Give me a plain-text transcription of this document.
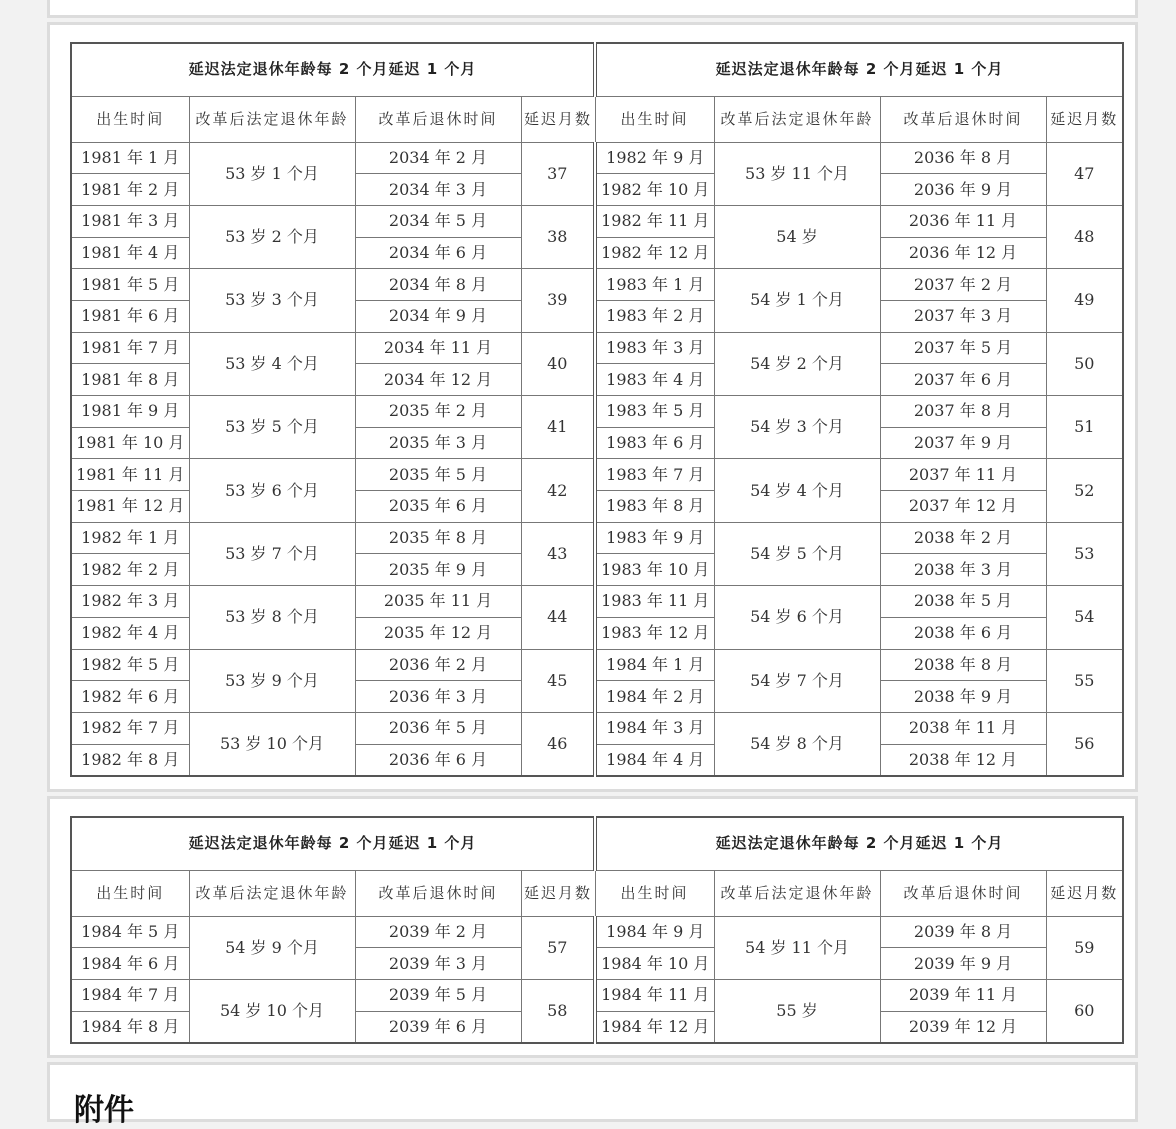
延迟法定退休年龄每 2 个月延迟 1 个月				延迟法定退休年龄每 2 个月延迟 1 个月			
出生时间	改革后法定退休年龄	改革后退休时间	延迟月数	出生时间	改革后法定退休年龄	改革后退休时间	延迟月数
1981 年 1 月	53 岁 1 个月	2034 年 2 月	37	1982 年 9 月	53 岁 11 个月	2036 年 8 月	47
1981 年 2 月		2034 年 3 月		1982 年 10 月		2036 年 9 月	
1981 年 3 月	53 岁 2 个月	2034 年 5 月	38	1982 年 11 月	54 岁	2036 年 11 月	48
1981 年 4 月		2034 年 6 月		1982 年 12 月		2036 年 12 月	
1981 年 5 月	53 岁 3 个月	2034 年 8 月	39	1983 年 1 月	54 岁 1 个月	2037 年 2 月	49
1981 年 6 月		2034 年 9 月		1983 年 2 月		2037 年 3 月	
1981 年 7 月	53 岁 4 个月	2034 年 11 月	40	1983 年 3 月	54 岁 2 个月	2037 年 5 月	50
1981 年 8 月		2034 年 12 月		1983 年 4 月		2037 年 6 月	
1981 年 9 月	53 岁 5 个月	2035 年 2 月	41	1983 年 5 月	54 岁 3 个月	2037 年 8 月	51
1981 年 10 月		2035 年 3 月		1983 年 6 月		2037 年 9 月	
1981 年 11 月	53 岁 6 个月	2035 年 5 月	42	1983 年 7 月	54 岁 4 个月	2037 年 11 月	52
1981 年 12 月		2035 年 6 月		1983 年 8 月		2037 年 12 月	
1982 年 1 月	53 岁 7 个月	2035 年 8 月	43	1983 年 9 月	54 岁 5 个月	2038 年 2 月	53
1982 年 2 月		2035 年 9 月		1983 年 10 月		2038 年 3 月	
1982 年 3 月	53 岁 8 个月	2035 年 11 月	44	1983 年 11 月	54 岁 6 个月	2038 年 5 月	54
1982 年 4 月		2035 年 12 月		1983 年 12 月		2038 年 6 月	
1982 年 5 月	53 岁 9 个月	2036 年 2 月	45	1984 年 1 月	54 岁 7 个月	2038 年 8 月	55
1982 年 6 月		2036 年 3 月		1984 年 2 月		2038 年 9 月	
1982 年 7 月	53 岁 10 个月	2036 年 5 月	46	1984 年 3 月	54 岁 8 个月	2038 年 11 月	56
1982 年 8 月		2036 年 6 月		1984 年 4 月		2038 年 12 月	
延迟法定退休年龄每 2 个月延迟 1 个月				延迟法定退休年龄每 2 个月延迟 1 个月			
出生时间	改革后法定退休年龄	改革后退休时间	延迟月数	出生时间	改革后法定退休年龄	改革后退休时间	延迟月数
1984 年 5 月	54 岁 9 个月	2039 年 2 月	57	1984 年 9 月	54 岁 11 个月	2039 年 8 月	59
1984 年 6 月		2039 年 3 月		1984 年 10 月		2039 年 9 月	
1984 年 7 月	54 岁 10 个月	2039 年 5 月	58	1984 年 11 月	55 岁	2039 年 11 月	60
1984 年 8 月		2039 年 6 月		1984 年 12 月		2039 年 12 月	
附件
